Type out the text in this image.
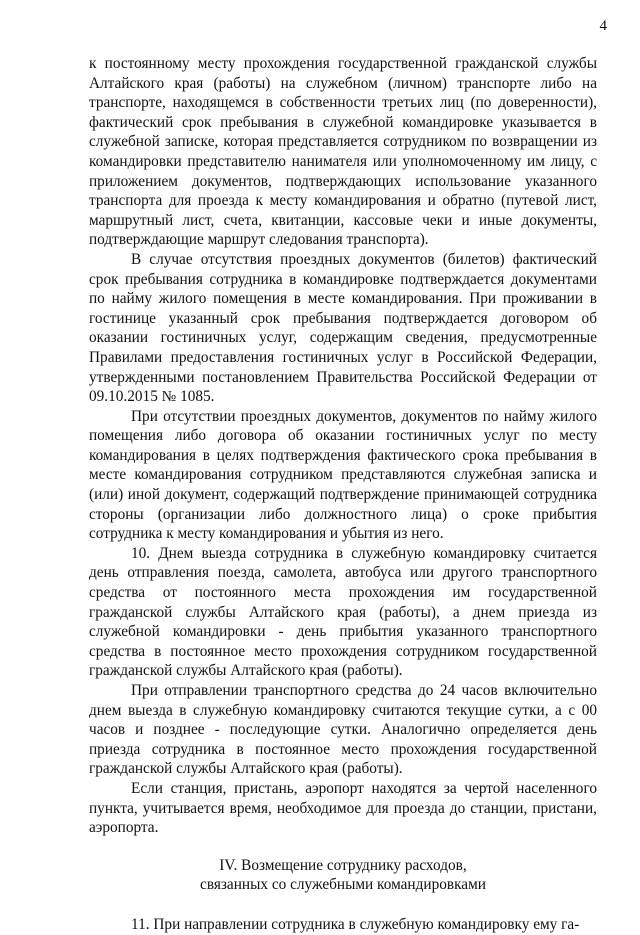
4

к постоянному месту прохождения государственной гражданской службы Алтайского края (работы) на служебном (личном) транспорте либо на транспорте, находящемся в собственности третьих лиц (по доверенности), фактический срок пребывания в служебной командировке указывается в служебной записке, которая представляется сотрудником по возвращении из командировки представителю нанимателя или уполномоченному им лицу, с приложением документов, подтверждающих использование указанного транспорта для проезда к месту командирования и обратно (путевой лист, маршрутный лист, счета, квитанции, кассовые чеки и иные документы, подтверждающие маршрут следования транспорта).

В случае отсутствия проездных документов (билетов) фактический срок пребывания сотрудника в командировке подтверждается документами по найму жилого помещения в месте командирования. При проживании в гостинице указанный срок пребывания подтверждается договором об оказании гостиничных услуг, содержащим сведения, предусмотренные Правилами предоставления гостиничных услуг в Российской Федерации, утвержденными постановлением Правительства Российской Федерации от 09.10.2015 № 1085.

При отсутствии проездных документов, документов по найму жилого помещения либо договора об оказании гостиничных услуг по месту командирования в целях подтверждения фактического срока пребывания в месте командирования сотрудником представляются служебная записка и (или) иной документ, содержащий подтверждение принимающей сотрудника стороны (организации либо должностного лица) о сроке прибытия сотрудника к месту командирования и убытия из него.

10. Днем выезда сотрудника в служебную командировку считается день отправления поезда, самолета, автобуса или другого транспортного средства от постоянного места прохождения им государственной гражданской службы Алтайского края (работы), а днем приезда из служебной командировки - день прибытия указанного транспортного средства в постоянное место прохождения сотрудником государственной гражданской службы Алтайского края (работы).

При отправлении транспортного средства до 24 часов включительно днем выезда в служебную командировку считаются текущие сутки, а с 00 часов и позднее - последующие сутки. Аналогично определяется день приезда сотрудника в постоянное место прохождения государственной гражданской службы Алтайского края (работы).

Если станция, пристань, аэропорт находятся за чертой населенного пункта, учитывается время, необходимое для проезда до станции, пристани, аэропорта.

IV. Возмещение сотруднику расходов,
связанных со служебными командировками

11. При направлении сотрудника в служебную командировку ему га-
